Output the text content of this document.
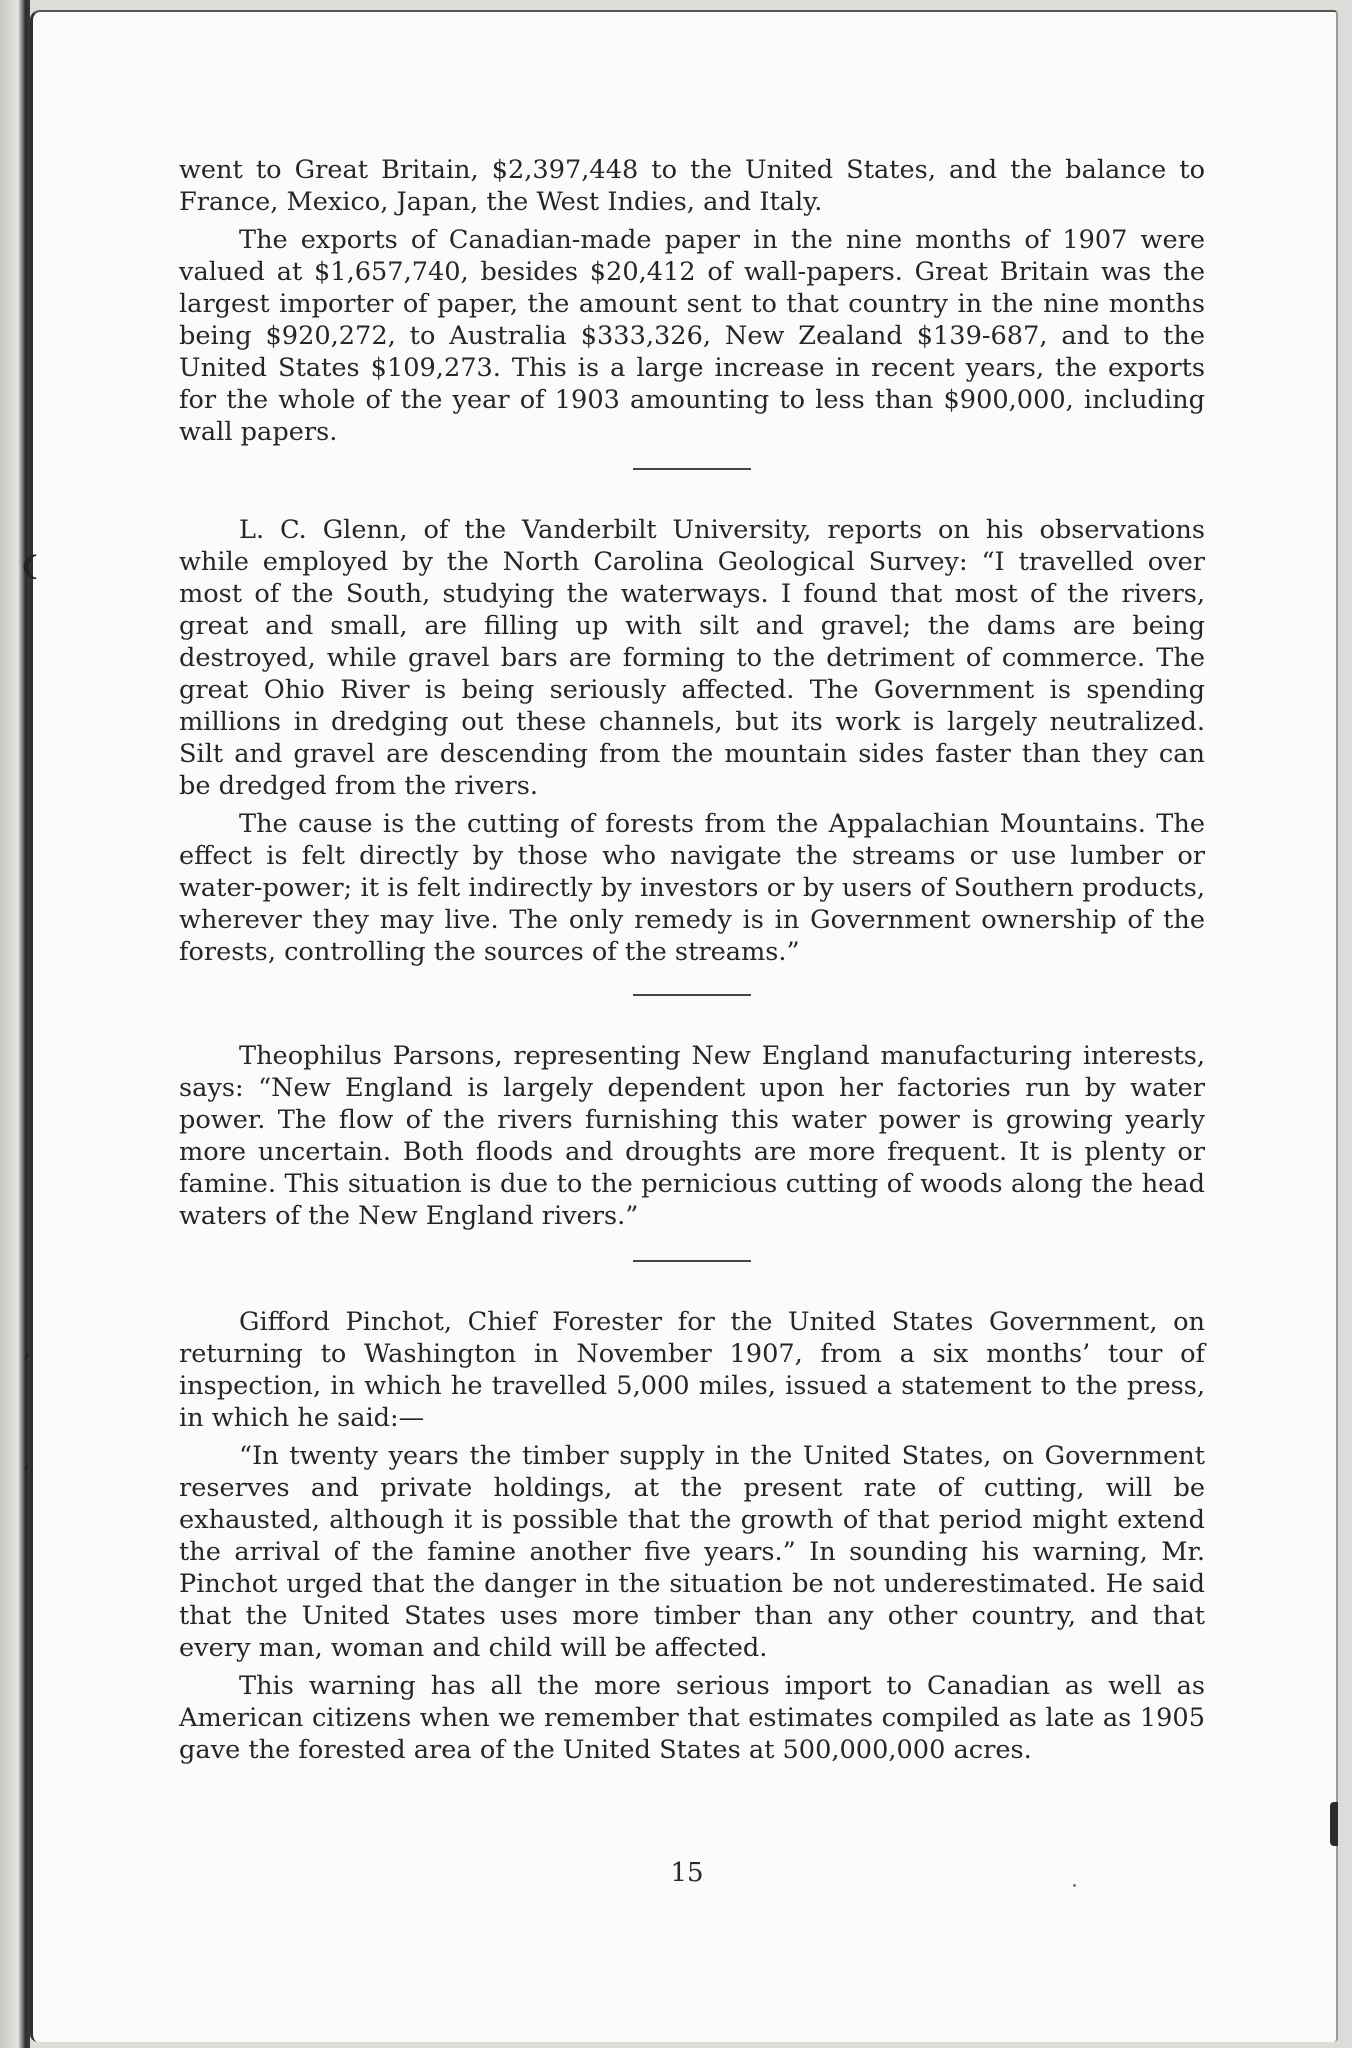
❨
’
‘

went to Great Britain, $2,397,448 to the United States, and the balance to France, Mexico, Japan, the West Indies, and Italy.

The exports of Canadian-made paper in the nine months of 1907 were valued at $1,657,740, besides $20,412 of wall-papers. Great Britain was the largest importer of paper, the amount sent to that country in the nine months being $920,272, to Australia $333,326, New Zealand $139-687, and to the United States $109,273. This is a large increase in recent years, the exports for the whole of the year of 1903 amounting to less than $900,000, including wall papers.

L. C. Glenn, of the Vanderbilt University, reports on his observations while employed by the North Carolina Geological Survey: “I travelled over most of the South, studying the waterways. I found that most of the rivers, great and small, are filling up with silt and gravel; the dams are being destroyed, while gravel bars are forming to the detriment of commerce. The great Ohio River is being seriously affected. The Government is spending millions in dredging out these channels, but its work is largely neutralized. Silt and gravel are descending from the mountain sides faster than they can be dredged from the rivers.

The cause is the cutting of forests from the Appalachian Mountains. The effect is felt directly by those who navigate the streams or use lumber or water-power; it is felt indirectly by investors or by users of Southern products, wherever they may live. The only remedy is in Government ownership of the forests, controlling the sources of the streams.”

Theophilus Parsons, representing New England manufacturing interests, says: “New England is largely dependent upon her factories run by water power. The flow of the rivers furnishing this water power is growing yearly more uncertain. Both floods and droughts are more frequent. It is plenty or famine. This situation is due to the pernicious cutting of woods along the head waters of the New England rivers.”

Gifford Pinchot, Chief Forester for the United States Government, on returning to Washington in November 1907, from a six months’ tour of inspection, in which he travelled 5,000 miles, issued a statement to the press, in which he said:—

“In twenty years the timber supply in the United States, on Government reserves and private holdings, at the present rate of cutting, will be exhausted, although it is possible that the growth of that period might extend the arrival of the famine another five years.” In sounding his warning, Mr. Pinchot urged that the danger in the situation be not underestimated. He said that the United States uses more timber than any other country, and that every man, woman and child will be affected.

This warning has all the more serious import to Canadian as well as American citizens when we remember that estimates compiled as late as 1905 gave the forested area of the United States at 500,000,000 acres.

15
